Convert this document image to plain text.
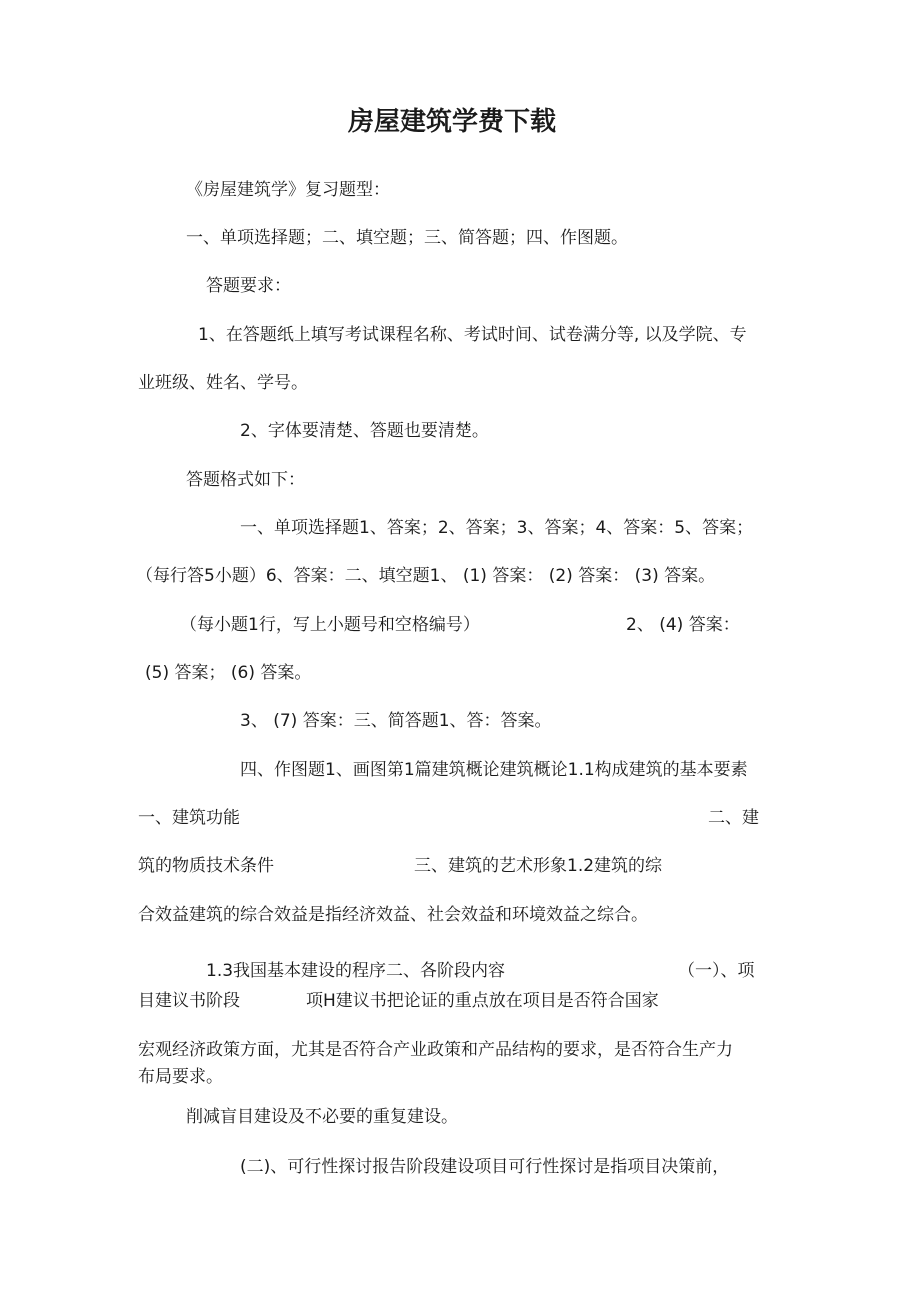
房屋建筑学费下载

《房屋建筑学》复习题型：

一、单项选择题；二、填空题；三、简答题；四、作图题。

答题要求：

1、在答题纸上填写考试课程名称、考试时间、试卷满分等, 以及学院、专

业班级、姓名、学号。

2、字体要清楚、答题也要清楚。

答题格式如下：

一、单项选择题1、答案；2、答案；3、答案；4、答案：5、答案；

（每行答5小题）6、答案：二、填空题1、 (1) 答案： (2) 答案： (3) 答案。

（每小题1行，写上小题号和空格编号）	2、 (4) 答案：

(5) 答案； (6) 答案。

3、 (7) 答案：三、简答题1、答：答案。

四、作图题1、画图第1篇建筑概论建筑概论1.1构成建筑的基本要素

一、建筑功能	二、建

筑的物质技术条件	三、建筑的艺术形象1.2建筑的综

合效益建筑的综合效益是指经济效益、社会效益和环境效益之综合。

1.3我国基本建设的程序二、各阶段内容	（一）、项

目建议书阶段	项H建议书把论证的重点放在项目是否符合国家

宏观经济政策方面，尤其是否符合产业政策和产品结构的要求，是否符合生产力

布局要求。

削减盲目建设及不必要的重复建设。

(二)、可行性探讨报告阶段建设项目可行性探讨是指项目决策前，
